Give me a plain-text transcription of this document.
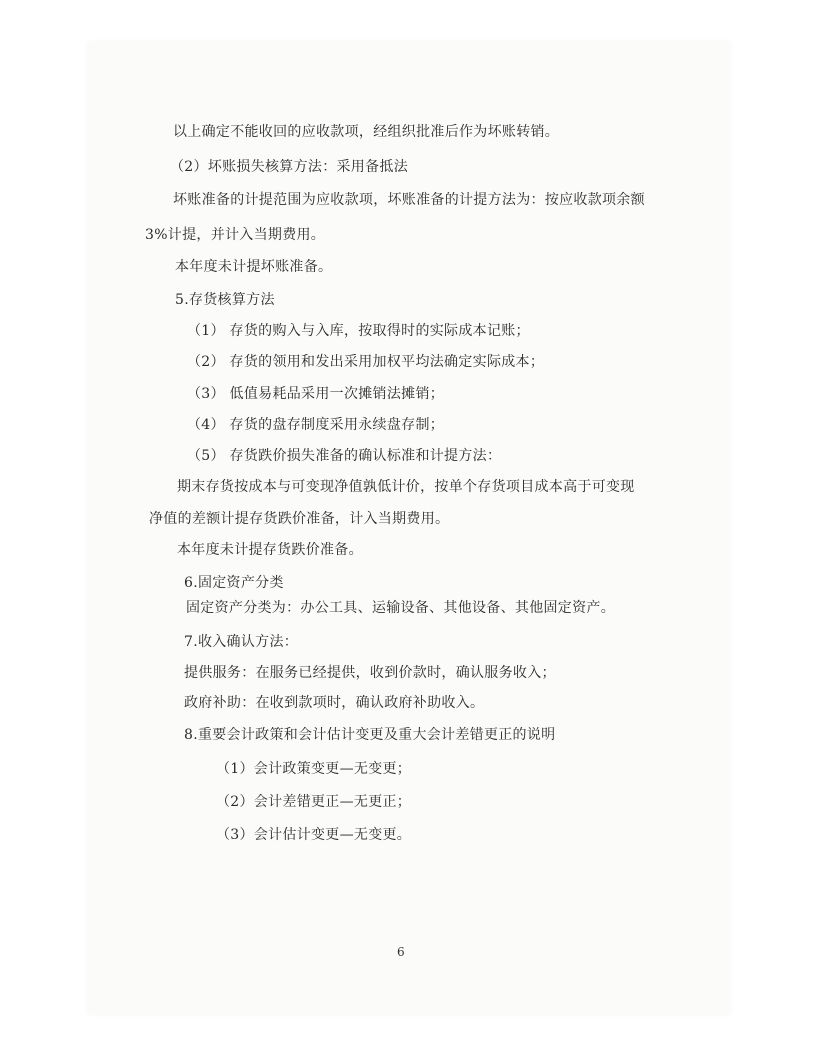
以上确定不能收回的应收款项，经组织批准后作为坏账转销。
（2）坏账损失核算方法：采用备抵法
坏账准备的计提范围为应收款项，坏账准备的计提方法为：按应收款项余额
3%计提，并计入当期费用。
本年度未计提坏账准备。
5.存货核算方法
（1） 存货的购入与入库，按取得时的实际成本记账；
（2） 存货的领用和发出采用加权平均法确定实际成本；
（3） 低值易耗品采用一次摊销法摊销；
（4） 存货的盘存制度采用永续盘存制；
（5） 存货跌价损失准备的确认标准和计提方法：
期末存货按成本与可变现净值孰低计价，按单个存货项目成本高于可变现
净值的差额计提存货跌价准备，计入当期费用。
本年度未计提存货跌价准备。
6.固定资产分类
固定资产分类为：办公工具、运输设备、其他设备、其他固定资产。
7.收入确认方法：
提供服务：在服务已经提供，收到价款时，确认服务收入；
政府补助：在收到款项时，确认政府补助收入。
8.重要会计政策和会计估计变更及重大会计差错更正的说明
（1）会计政策变更—无变更；
（2）会计差错更正—无更正；
（3）会计估计变更—无变更。
6
